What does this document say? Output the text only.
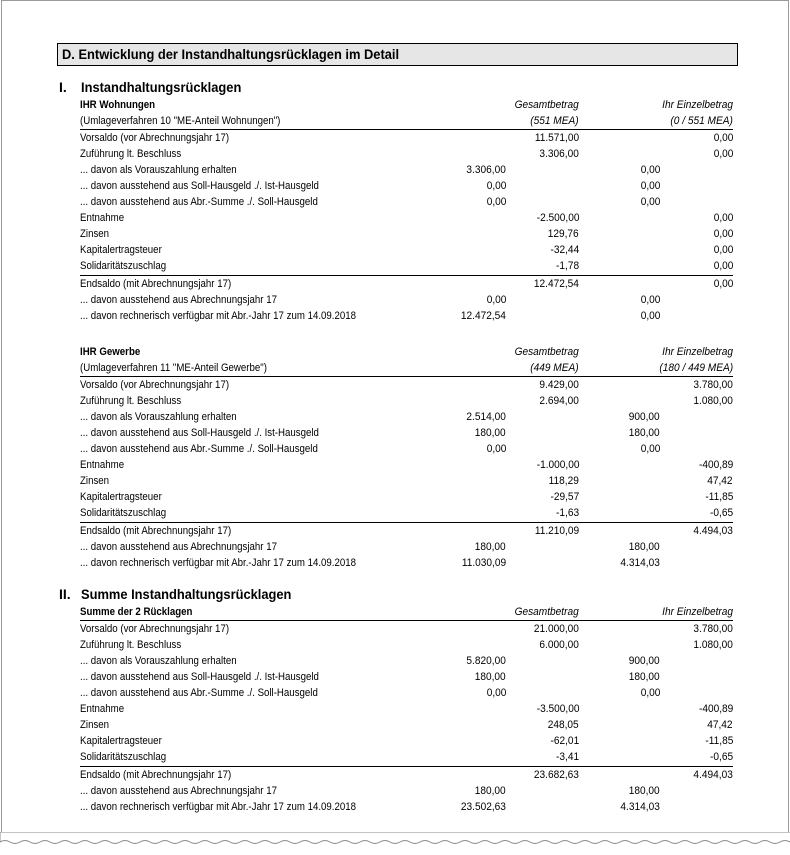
D. Entwicklung der Instandhaltungsrücklagen im Detail
I. Instandhaltungsrücklagen
IHR Wohnungen	Gesamtbetrag	Ihr Einzelbetrag
(Umlageverfahren 10 "ME-Anteil Wohnungen")	(551 MEA)	(0 / 551 MEA)
Vorsaldo (vor Abrechnungsjahr 17)	11.571,00	0,00
Zuführung lt. Beschluss	3.306,00	0,00
... davon als Vorauszahlung erhalten	3.306,00	0,00
... davon ausstehend aus Soll-Hausgeld ./. Ist-Hausgeld	0,00	0,00
... davon ausstehend aus Abr.-Summe ./. Soll-Hausgeld	0,00	0,00
Entnahme	-2.500,00	0,00
Zinsen	129,76	0,00
Kapitalertragsteuer	-32,44	0,00
Solidaritätszuschlag	-1,78	0,00
Endsaldo (mit Abrechnungsjahr 17)	12.472,54	0,00
... davon ausstehend aus Abrechnungsjahr 17	0,00	0,00
... davon rechnerisch verfügbar mit Abr.-Jahr 17 zum 14.09.2018	12.472,54	0,00
IHR Gewerbe	Gesamtbetrag	Ihr Einzelbetrag
(Umlageverfahren 11 "ME-Anteil Gewerbe")	(449 MEA)	(180 / 449 MEA)
Vorsaldo (vor Abrechnungsjahr 17)	9.429,00	3.780,00
Zuführung lt. Beschluss	2.694,00	1.080,00
... davon als Vorauszahlung erhalten	2.514,00	900,00
... davon ausstehend aus Soll-Hausgeld ./. Ist-Hausgeld	180,00	180,00
... davon ausstehend aus Abr.-Summe ./. Soll-Hausgeld	0,00	0,00
Entnahme	-1.000,00	-400,89
Zinsen	118,29	47,42
Kapitalertragsteuer	-29,57	-11,85
Solidaritätszuschlag	-1,63	-0,65
Endsaldo (mit Abrechnungsjahr 17)	11.210,09	4.494,03
... davon ausstehend aus Abrechnungsjahr 17	180,00	180,00
... davon rechnerisch verfügbar mit Abr.-Jahr 17 zum 14.09.2018	11.030,09	4.314,03
II. Summe Instandhaltungsrücklagen
Summe der 2 Rücklagen	Gesamtbetrag	Ihr Einzelbetrag
Vorsaldo (vor Abrechnungsjahr 17)	21.000,00	3.780,00
Zuführung lt. Beschluss	6.000,00	1.080,00
... davon als Vorauszahlung erhalten	5.820,00	900,00
... davon ausstehend aus Soll-Hausgeld ./. Ist-Hausgeld	180,00	180,00
... davon ausstehend aus Abr.-Summe ./. Soll-Hausgeld	0,00	0,00
Entnahme	-3.500,00	-400,89
Zinsen	248,05	47,42
Kapitalertragsteuer	-62,01	-11,85
Solidaritätszuschlag	-3,41	-0,65
Endsaldo (mit Abrechnungsjahr 17)	23.682,63	4.494,03
... davon ausstehend aus Abrechnungsjahr 17	180,00	180,00
... davon rechnerisch verfügbar mit Abr.-Jahr 17 zum 14.09.2018	23.502,63	4.314,03
